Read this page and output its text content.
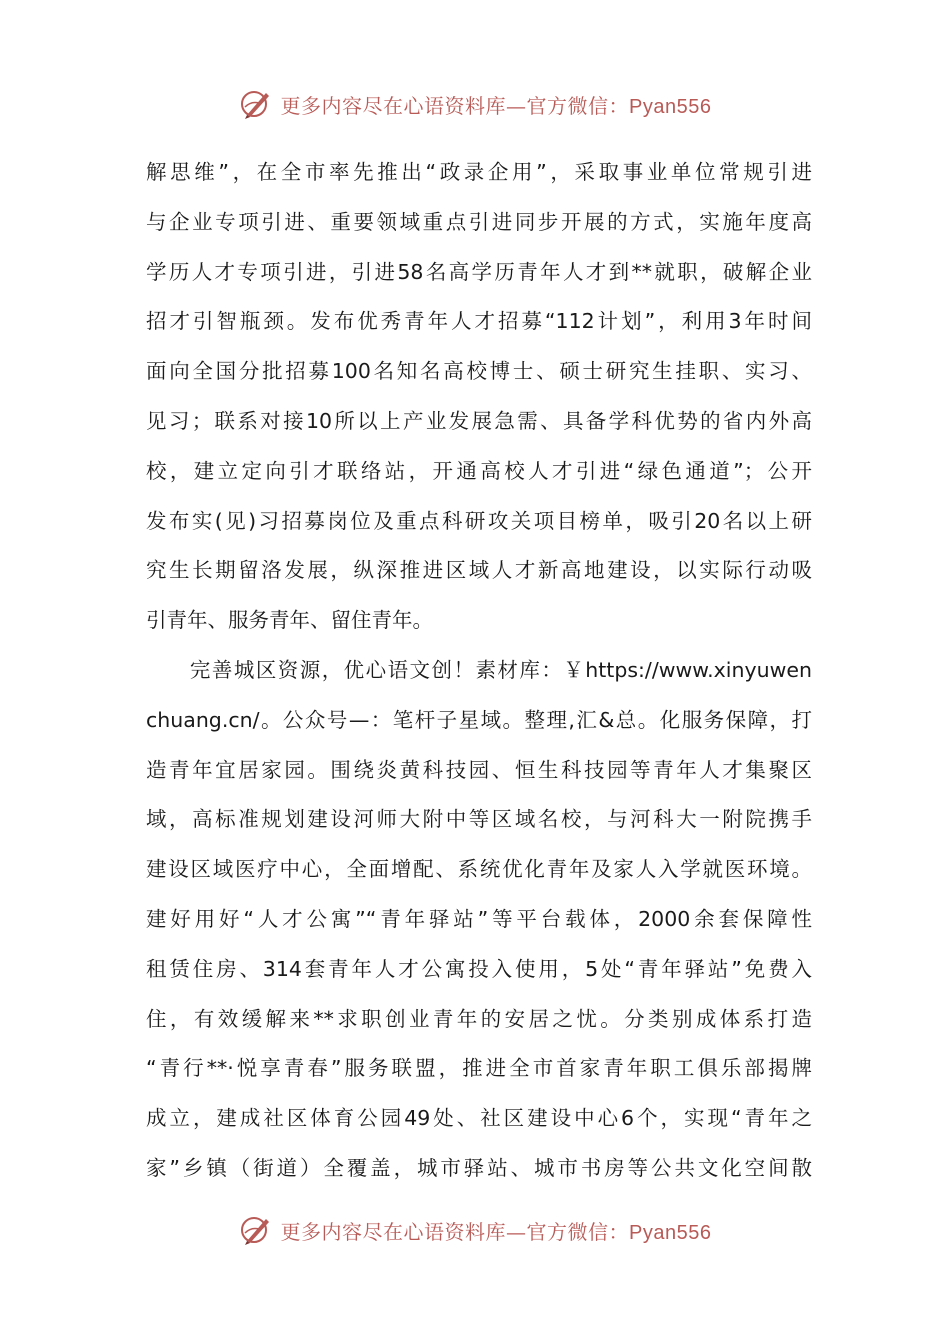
更多内容尽在心语资料库—官方微信：Pyan556
解思维”，在全市率先推出“政录企用”，采取事业单位常规引进
与企业专项引进、重要领域重点引进同步开展的方式，实施年度高
学历人才专项引进，引进58名高学历青年人才到**就职，破解企业
招才引智瓶颈。发布优秀青年人才招募“112计划”，利用3年时间
面向全国分批招募100名知名高校博士、硕士研究生挂职、实习、
见习；联系对接10所以上产业发展急需、具备学科优势的省内外高
校，建立定向引才联络站，开通高校人才引进“绿色通道”；公开
发布实(见)习招募岗位及重点科研攻关项目榜单，吸引20名以上研
究生长期留洛发展，纵深推进区域人才新高地建设，以实际行动吸
引青年、服务青年、留住青年。
　　完善城区资源，优心语文创！素材库：￥https://www.xinyuwen
chuang.cn/。公众号—：笔杆子星域。整理,汇&总。化服务保障，打
造青年宜居家园。围绕炎黄科技园、恒生科技园等青年人才集聚区
域，高标准规划建设河师大附中等区域名校，与河科大一附院携手
建设区域医疗中心，全面增配、系统优化青年及家人入学就医环境。
建好用好“人才公寓”“青年驿站”等平台载体，2000余套保障性
租赁住房、314套青年人才公寓投入使用，5处“青年驿站”免费入
住，有效缓解来**求职创业青年的安居之忧。分类别成体系打造
“青行**·悦享青春”服务联盟，推进全市首家青年职工俱乐部揭牌
成立，建成社区体育公园49处、社区建设中心6个，实现“青年之
家”乡镇（街道）全覆盖，城市驿站、城市书房等公共文化空间散
更多内容尽在心语资料库—官方微信：Pyan556
